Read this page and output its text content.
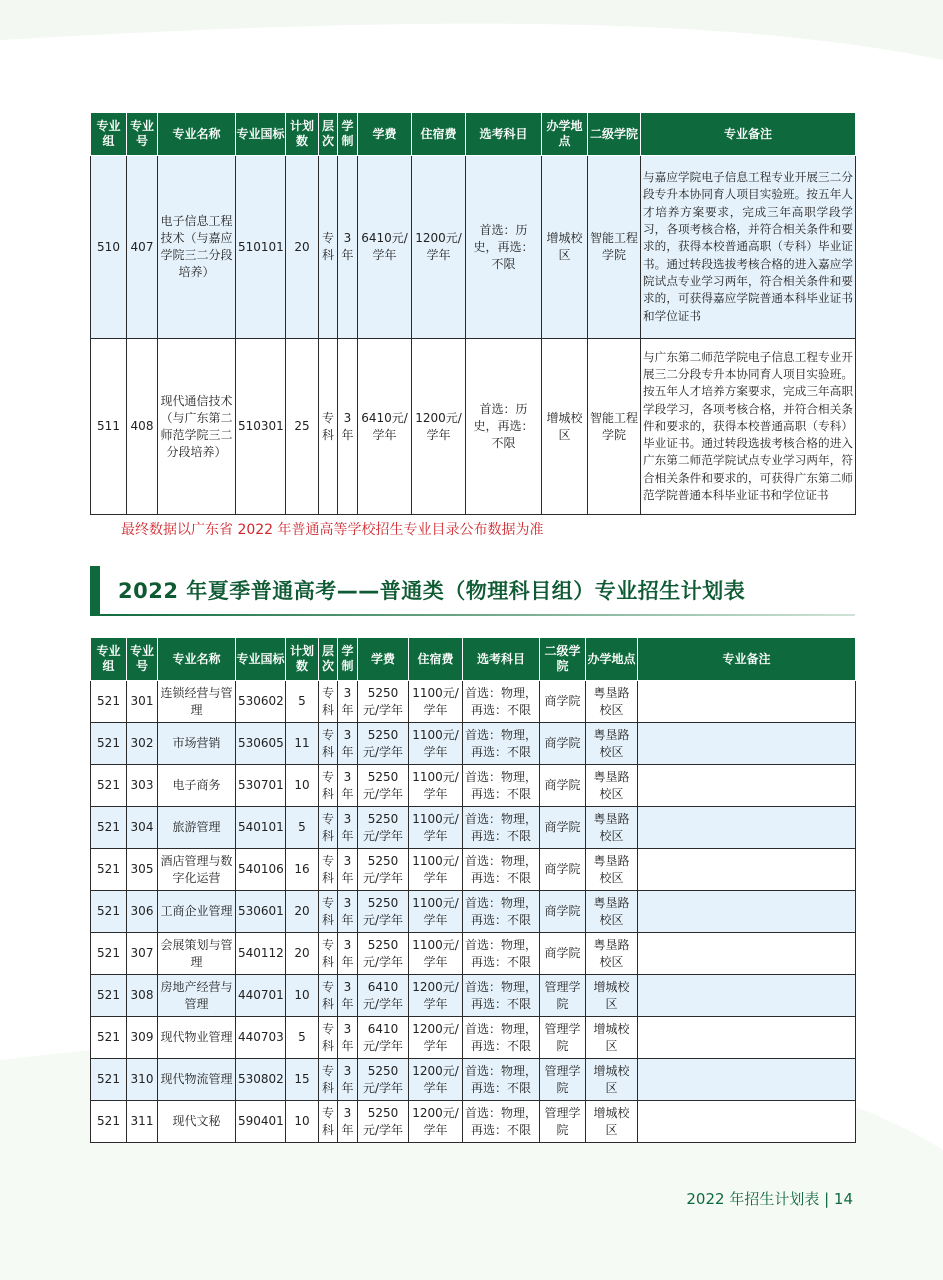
专业组	专业号	专业名称	专业国标	计划数	层次	学制	学费	住宿费	选考科目	办学地点	二级学院	专业备注
510	407	电子信息工程技术（与嘉应学院三二分段培养）	510101	20	专科	3年	6410元/学年	1200元/学年	首选：历史，再选：不限	增城校区	智能工程学院	与嘉应学院电子信息工程专业开展三二分段专升本协同育人项目实验班。按五年人才培养方案要求，完成三年高职学段学习，各项考核合格，并符合相关条件和要求的，获得本校普通高职（专科）毕业证书。通过转段选拔考核合格的进入嘉应学院试点专业学习两年，符合相关条件和要求的，可获得嘉应学院普通本科毕业证书和学位证书
511	408	现代通信技术（与广东第二师范学院三二分段培养）	510301	25	专科	3年	6410元/学年	1200元/学年	首选：历史，再选：不限	增城校区	智能工程学院	与广东第二师范学院电子信息工程专业开展三二分段专升本协同育人项目实验班。按五年人才培养方案要求，完成三年高职学段学习，各项考核合格，并符合相关条件和要求的，获得本校普通高职（专科）毕业证书。通过转段选拔考核合格的进入广东第二师范学院试点专业学习两年，符合相关条件和要求的，可获得广东第二师范学院普通本科毕业证书和学位证书
最终数据以广东省 2022 年普通高等学校招生专业目录公布数据为准
2022 年夏季普通高考——普通类（物理科目组）专业招生计划表
专业组	专业号	专业名称	专业国标	计划数	层次	学制	学费	住宿费	选考科目	二级学院	办学地点	专业备注
521	301	连锁经营与管理	530602	5	专科	3年	5250元/学年	1100元/学年	首选：物理，再选：不限	商学院	粤垦路校区	
521	302	市场营销	530605	11	专科	3年	5250元/学年	1100元/学年	首选：物理，再选：不限	商学院	粤垦路校区	
521	303	电子商务	530701	10	专科	3年	5250元/学年	1100元/学年	首选：物理，再选：不限	商学院	粤垦路校区	
521	304	旅游管理	540101	5	专科	3年	5250元/学年	1100元/学年	首选：物理，再选：不限	商学院	粤垦路校区	
521	305	酒店管理与数字化运营	540106	16	专科	3年	5250元/学年	1100元/学年	首选：物理，再选：不限	商学院	粤垦路校区	
521	306	工商企业管理	530601	20	专科	3年	5250元/学年	1100元/学年	首选：物理，再选：不限	商学院	粤垦路校区	
521	307	会展策划与管理	540112	20	专科	3年	5250元/学年	1100元/学年	首选：物理，再选：不限	商学院	粤垦路校区	
521	308	房地产经营与管理	440701	10	专科	3年	6410元/学年	1200元/学年	首选：物理，再选：不限	管理学院	增城校区	
521	309	现代物业管理	440703	5	专科	3年	6410元/学年	1200元/学年	首选：物理，再选：不限	管理学院	增城校区	
521	310	现代物流管理	530802	15	专科	3年	5250元/学年	1200元/学年	首选：物理，再选：不限	管理学院	增城校区	
521	311	现代文秘	590401	10	专科	3年	5250元/学年	1200元/学年	首选：物理，再选：不限	管理学院	增城校区	
2022 年招生计划表 | 14
